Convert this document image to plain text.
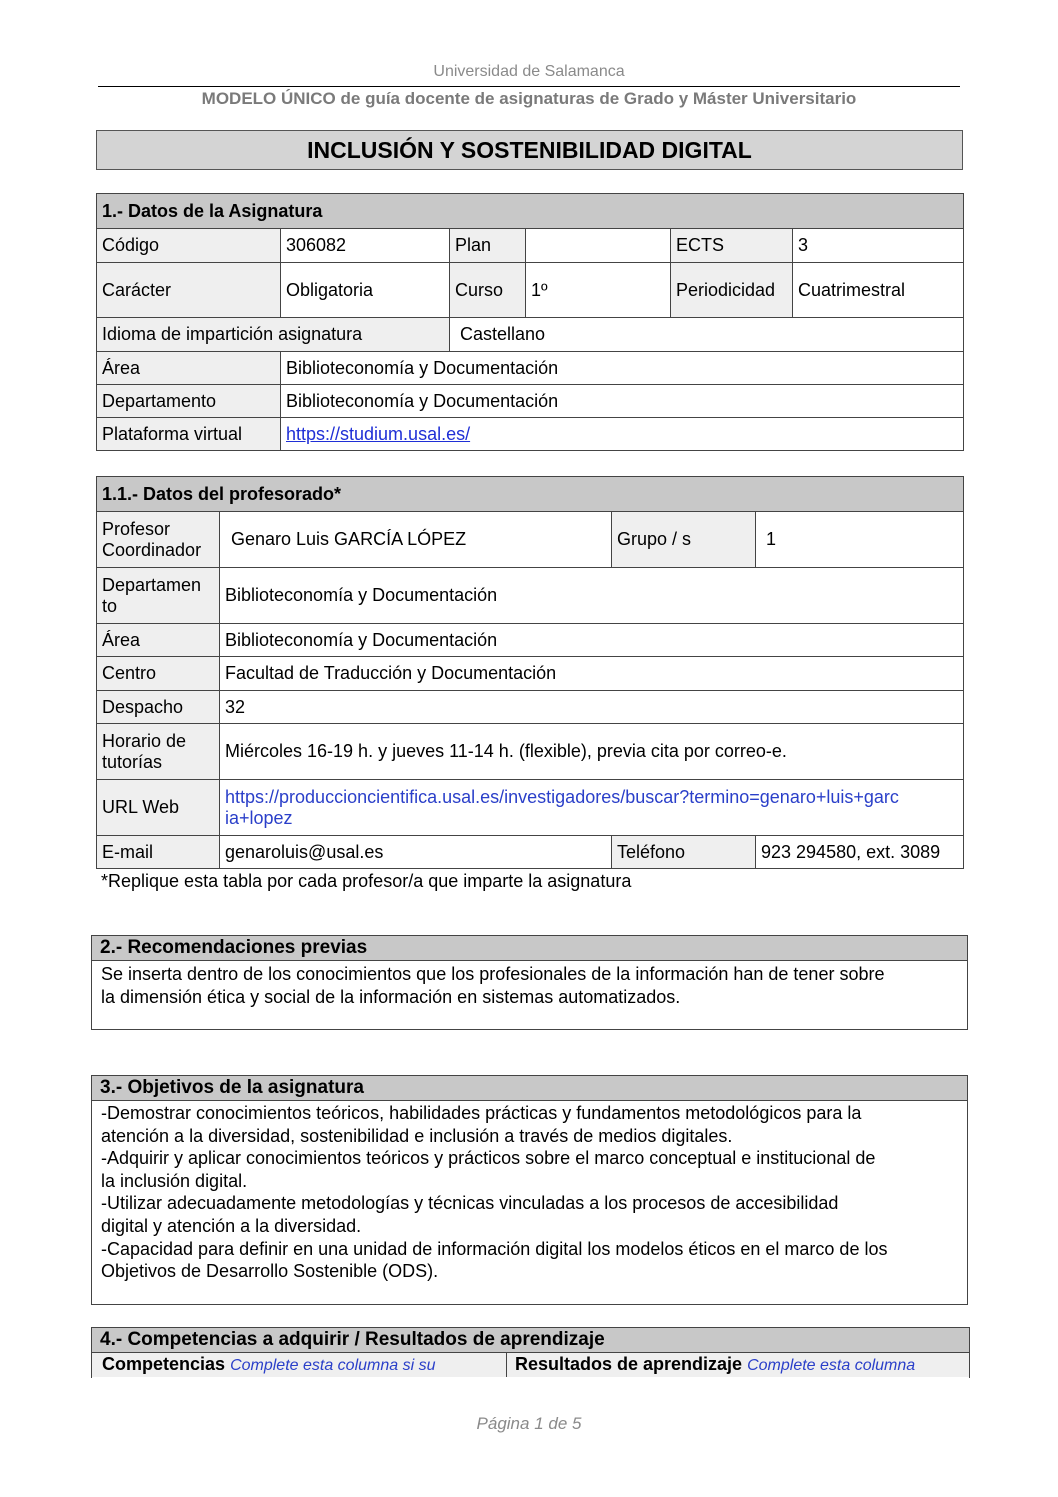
Universidad de Salamanca
MODELO ÚNICO de guía docente de asignaturas de Grado y Máster Universitario
INCLUSIÓN Y SOSTENIBILIDAD DIGITAL
1.- Datos de la Asignatura					
Código	306082	Plan		ECTS	3
Carácter	Obligatoria	Curso	1º	Periodicidad	Cuatrimestral
Idioma de impartición asignatura		Castellano			
Área	Biblioteconomía y Documentación				
Departamento	Biblioteconomía y Documentación				
Plataforma virtual	https://studium.usal.es/				
1.1.- Datos del profesorado*			
Profesor
Coordinador	Genaro Luis GARCÍA LÓPEZ	Grupo / s	1
Departamen
to	Biblioteconomía y Documentación		
Área	Biblioteconomía y Documentación		
Centro	Facultad de Traducción y Documentación		
Despacho	32		
Horario de
tutorías	Miércoles 16-19 h. y jueves 11-14 h. (flexible), previa cita por correo-e.		
URL Web	https://produccioncientifica.usal.es/investigadores/buscar?termino=genaro+luis+garc
ia+lopez		
E-mail	genaroluis@usal.es	Teléfono	923 294580, ext. 3089
*Replique esta tabla por cada profesor/a que imparte la asignatura
2.- Recomendaciones previas
Se inserta dentro de los conocimientos que los profesionales de la información han de tener sobre
la dimensión ética y social de la información en sistemas automatizados.
3.- Objetivos de la asignatura
-Demostrar conocimientos teóricos, habilidades prácticas y fundamentos metodológicos para la
atención a la diversidad, sostenibilidad e inclusión a través de medios digitales.
-Adquirir y aplicar conocimientos teóricos y prácticos sobre el marco conceptual e institucional de
la inclusión digital.
-Utilizar adecuadamente metodologías y técnicas vinculadas a los procesos de accesibilidad
digital y atención a la diversidad.
-Capacidad para definir en una unidad de información digital los modelos éticos en el marco de los
Objetivos de Desarrollo Sostenible (ODS).
4.- Competencias a adquirir / Resultados de aprendizaje
Competencias Complete esta columna si su	Resultados de aprendizaje Complete esta columna
Página 1 de 5
